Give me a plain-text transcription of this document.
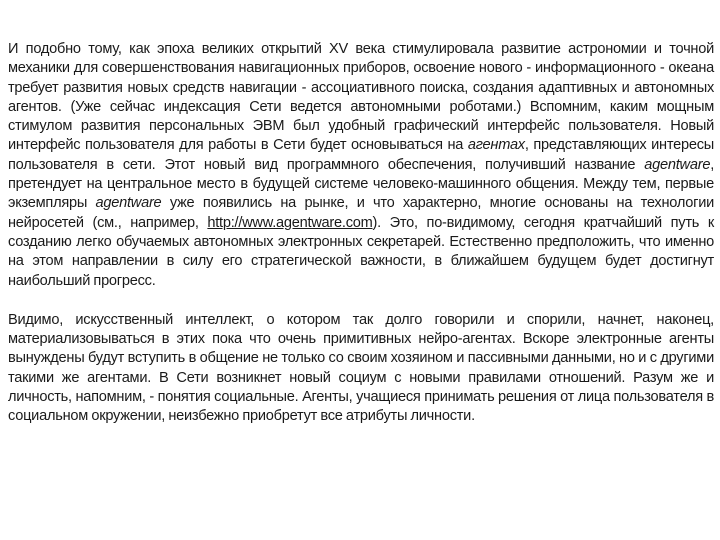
И подобно тому, как эпоха великих открытий XV века стимулировала развитие астрономии и точной механики для совершенствования навигационных приборов, освоение нового - информационного - океана требует развития новых средств навигации - ассоциативного поиска, создания адаптивных и автономных агентов. (Уже сейчас индексация Сети ведется автономными роботами.) Вспомним, каким мощным стимулом развития персональных ЭВМ был удобный графический интерфейс пользователя. Новый интерфейс пользователя для работы в Сети будет основываться на агентах, представляющих интересы пользователя в сети. Этот новый вид программного обеспечения, получивший название agentware, претендует на центральное место в будущей системе человеко-машинного общения. Между тем, первые экземпляры agentware уже появились на рынке, и что характерно, многие основаны на технологии нейросетей (см., например, http://www.agentware.com). Это, по-видимому, сегодня кратчайший путь к созданию легко обучаемых автономных электронных секретарей. Естественно предположить, что именно на этом направлении в силу его стратегической важности, в ближайшем будущем будет достигнут наибольший прогресс.

Видимо, искусственный интеллект, о котором так долго говорили и спорили, начнет, наконец, материализовываться в этих пока что очень примитивных нейро-агентах. Вскоре электронные агенты вынуждены будут вступить в общение не только со своим хозяином и пассивными данными, но и с другими такими же агентами. В Сети возникнет новый социум с новыми правилами отношений. Разум же и личность, напомним, - понятия социальные. Агенты, учащиеся принимать решения от лица пользователя в социальном окружении, неизбежно приобретут все атрибуты личности.
